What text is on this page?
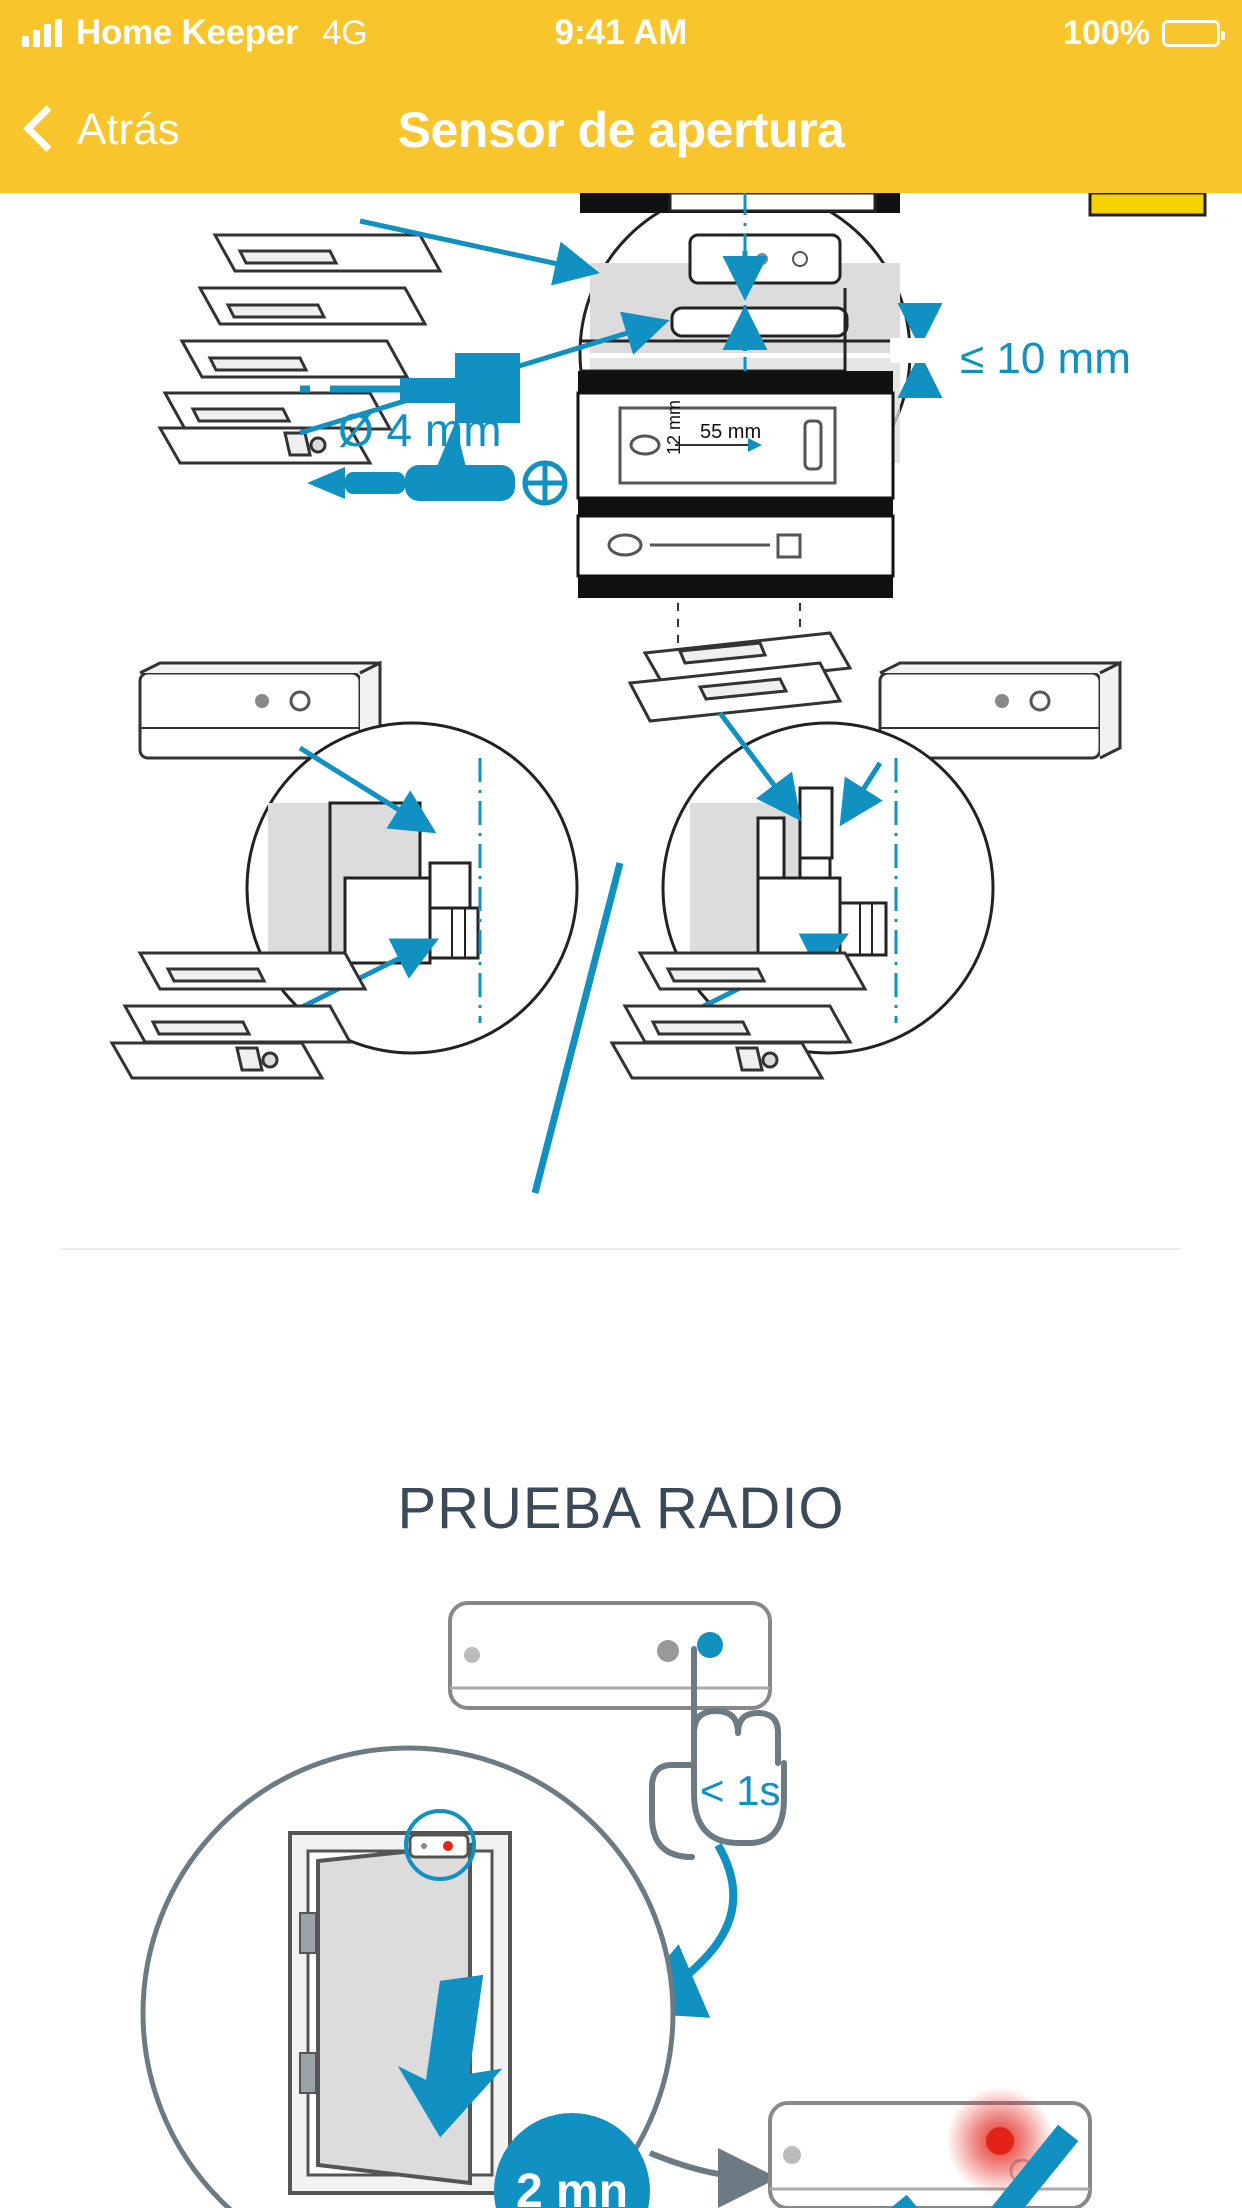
Home Keeper 4G	9:41 AM	100%
Atrás	Sensor de apertura
≤ 10 mm
Ø 4 mm	55 mm
12 mm
PRUEBA RADIO
< 1s
2 mn
